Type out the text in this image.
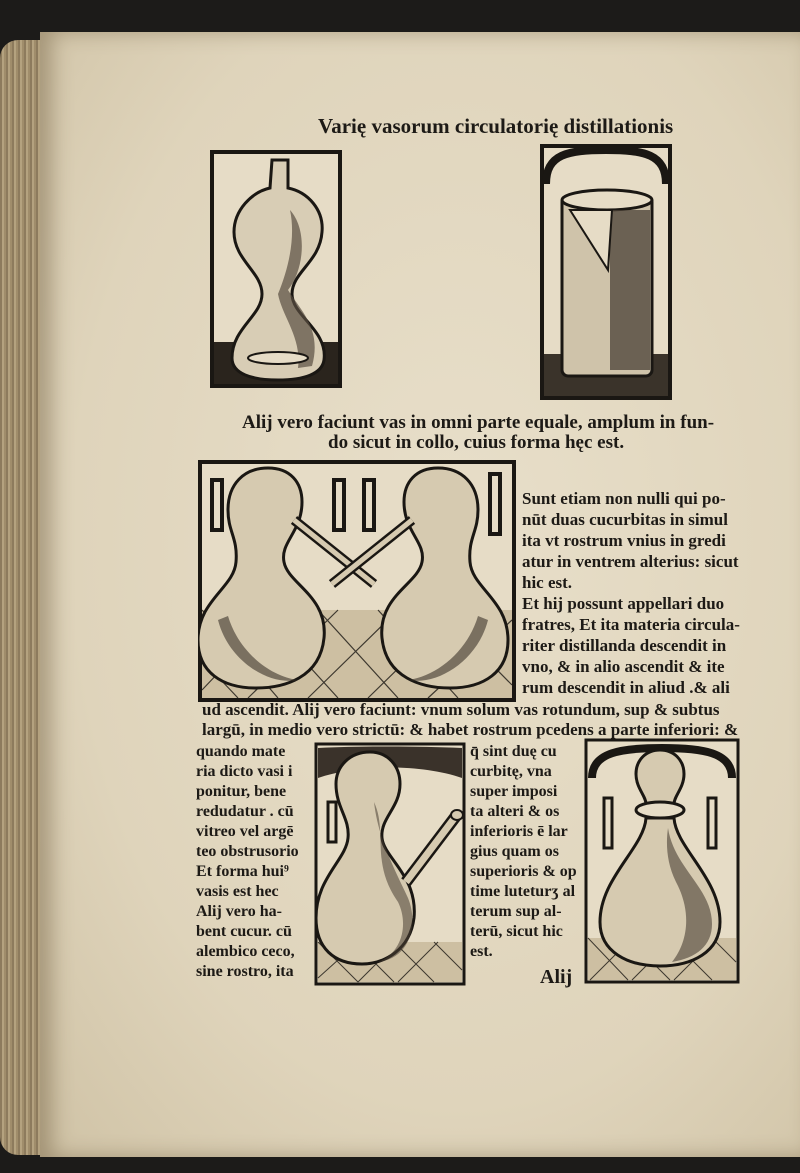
Varię vasorum circulatorię distillationis
Alij vero faciunt vas in omni parte equale, amplum in fun-
do sicut in collo, cuius forma hęc est.
Sunt etiam non nulli qui po-
nūt duas cucurbitas in simul
ita vt rostrum vnius in gredi
atur in ventrem alterius: sicut
hic est.
Et hij possunt appellari duo
fratres, Et ita materia circula-
riter distillanda descendit in
vno, & in alio ascendit & ite
rum descendit in aliud .& ali
ud ascendit. Alij vero faciunt: vnum solum vas rotundum, sup & subtus
largū, in medio vero strictū: & habet rostrum pcedens a parte inferiori: &
quando mate
ria dicto vasi i
ponitur, bene
redudatur . cū
vitreo vel argē
teo obstrusorio
Et forma hui⁹
vasis est hec
Alij vero ha-
bent cucur. cū
alembico ceco,
sine rostro, ita
q̄ sint duę cu
curbitę, vna
super imposi
ta alteri & os
inferioris ē lar
gius quam os
superioris & op
time luteturʒ al
terum sup al-
terū, sicut hic
est.
Alij
